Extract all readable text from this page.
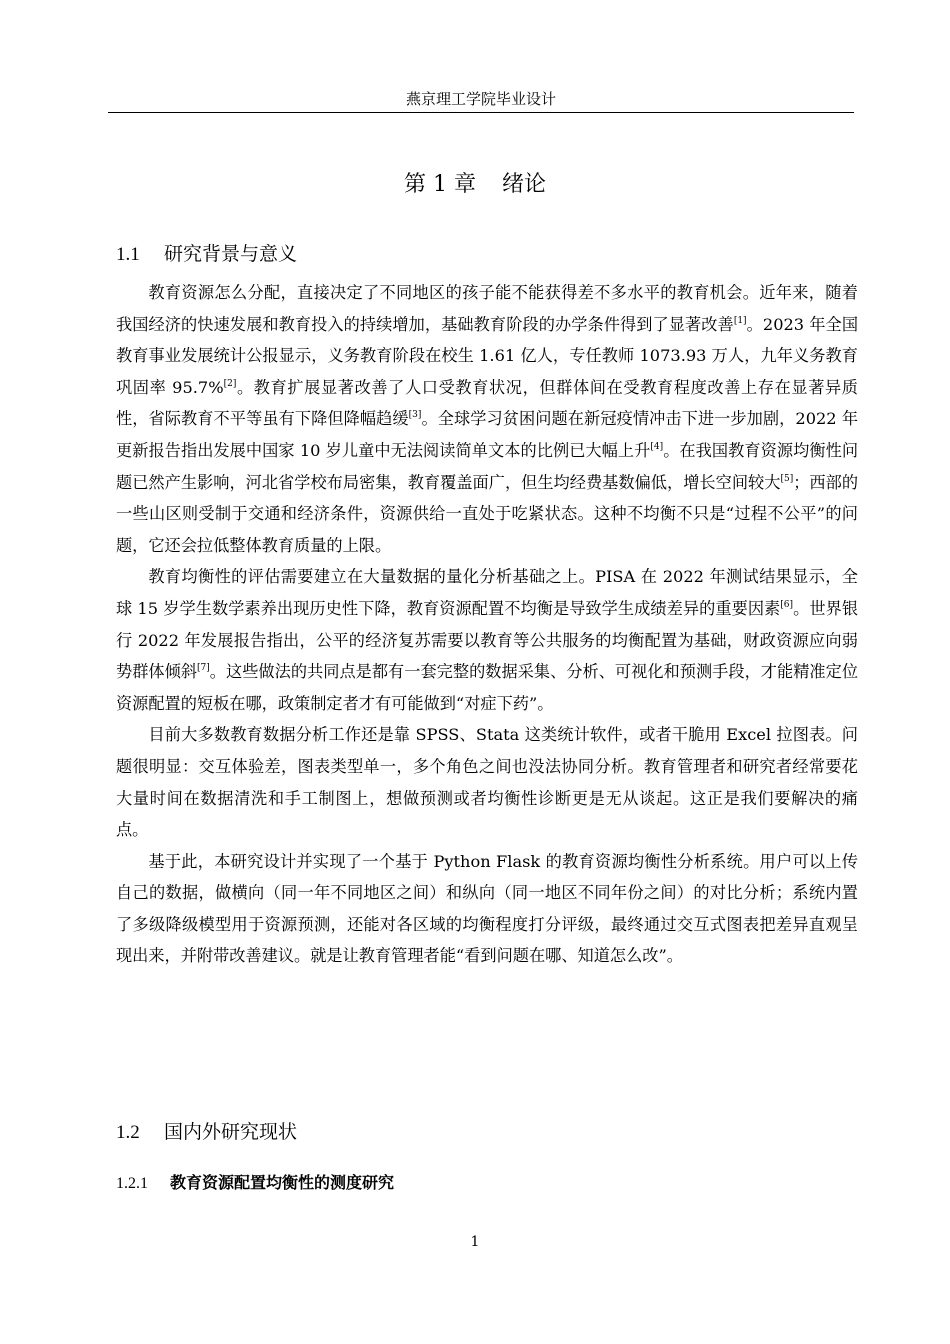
燕京理工学院毕业设计
第 1 章 绪论
1.1 研究背景与意义

教育资源怎么分配，直接决定了不同地区的孩子能不能获得差不多水平的教育机会。近年来，随着我国经济的快速发展和教育投入的持续增加，基础教育阶段的办学条件得到了显著改善[1]。2023 年全国教育事业发展统计公报显示，义务教育阶段在校生 1.61 亿人，专任教师 1073.93 万人，九年义务教育巩固率 95.7%[2]。教育扩展显著改善了人口受教育状况，但群体间在受教育程度改善上存在显著异质性，省际教育不平等虽有下降但降幅趋缓[3]。全球学习贫困问题在新冠疫情冲击下进一步加剧，2022 年更新报告指出发展中国家 10 岁儿童中无法阅读简单文本的比例已大幅上升[4]。在我国教育资源均衡性问题已然产生影响，河北省学校布局密集，教育覆盖面广，但生均经费基数偏低，增长空间较大[5]；西部的一些山区则受制于交通和经济条件，资源供给一直处于吃紧状态。这种不均衡不只是“过程不公平”的问题，它还会拉低整体教育质量的上限。

教育均衡性的评估需要建立在大量数据的量化分析基础之上。PISA 在 2022 年测试结果显示，全球 15 岁学生数学素养出现历史性下降，教育资源配置不均衡是导致学生成绩差异的重要因素[6]。世界银行 2022 年发展报告指出，公平的经济复苏需要以教育等公共服务的均衡配置为基础，财政资源应向弱势群体倾斜[7]。这些做法的共同点是都有一套完整的数据采集、分析、可视化和预测手段，才能精准定位资源配置的短板在哪，政策制定者才有可能做到“对症下药”。

目前大多数教育数据分析工作还是靠 SPSS、Stata 这类统计软件，或者干脆用 Excel 拉图表。问题很明显：交互体验差，图表类型单一，多个角色之间也没法协同分析。教育管理者和研究者经常要花大量时间在数据清洗和手工制图上，想做预测或者均衡性诊断更是无从谈起。这正是我们要解决的痛点。

基于此，本研究设计并实现了一个基于 Python Flask 的教育资源均衡性分析系统。用户可以上传自己的数据，做横向（同一年不同地区之间）和纵向（同一地区不同年份之间）的对比分析；系统内置了多级降级模型用于资源预测，还能对各区域的均衡程度打分评级，最终通过交互式图表把差异直观呈现出来，并附带改善建议。就是让教育管理者能“看到问题在哪、知道怎么改”。

1.2 国内外研究现状
1.2.1 教育资源配置均衡性的测度研究
1
